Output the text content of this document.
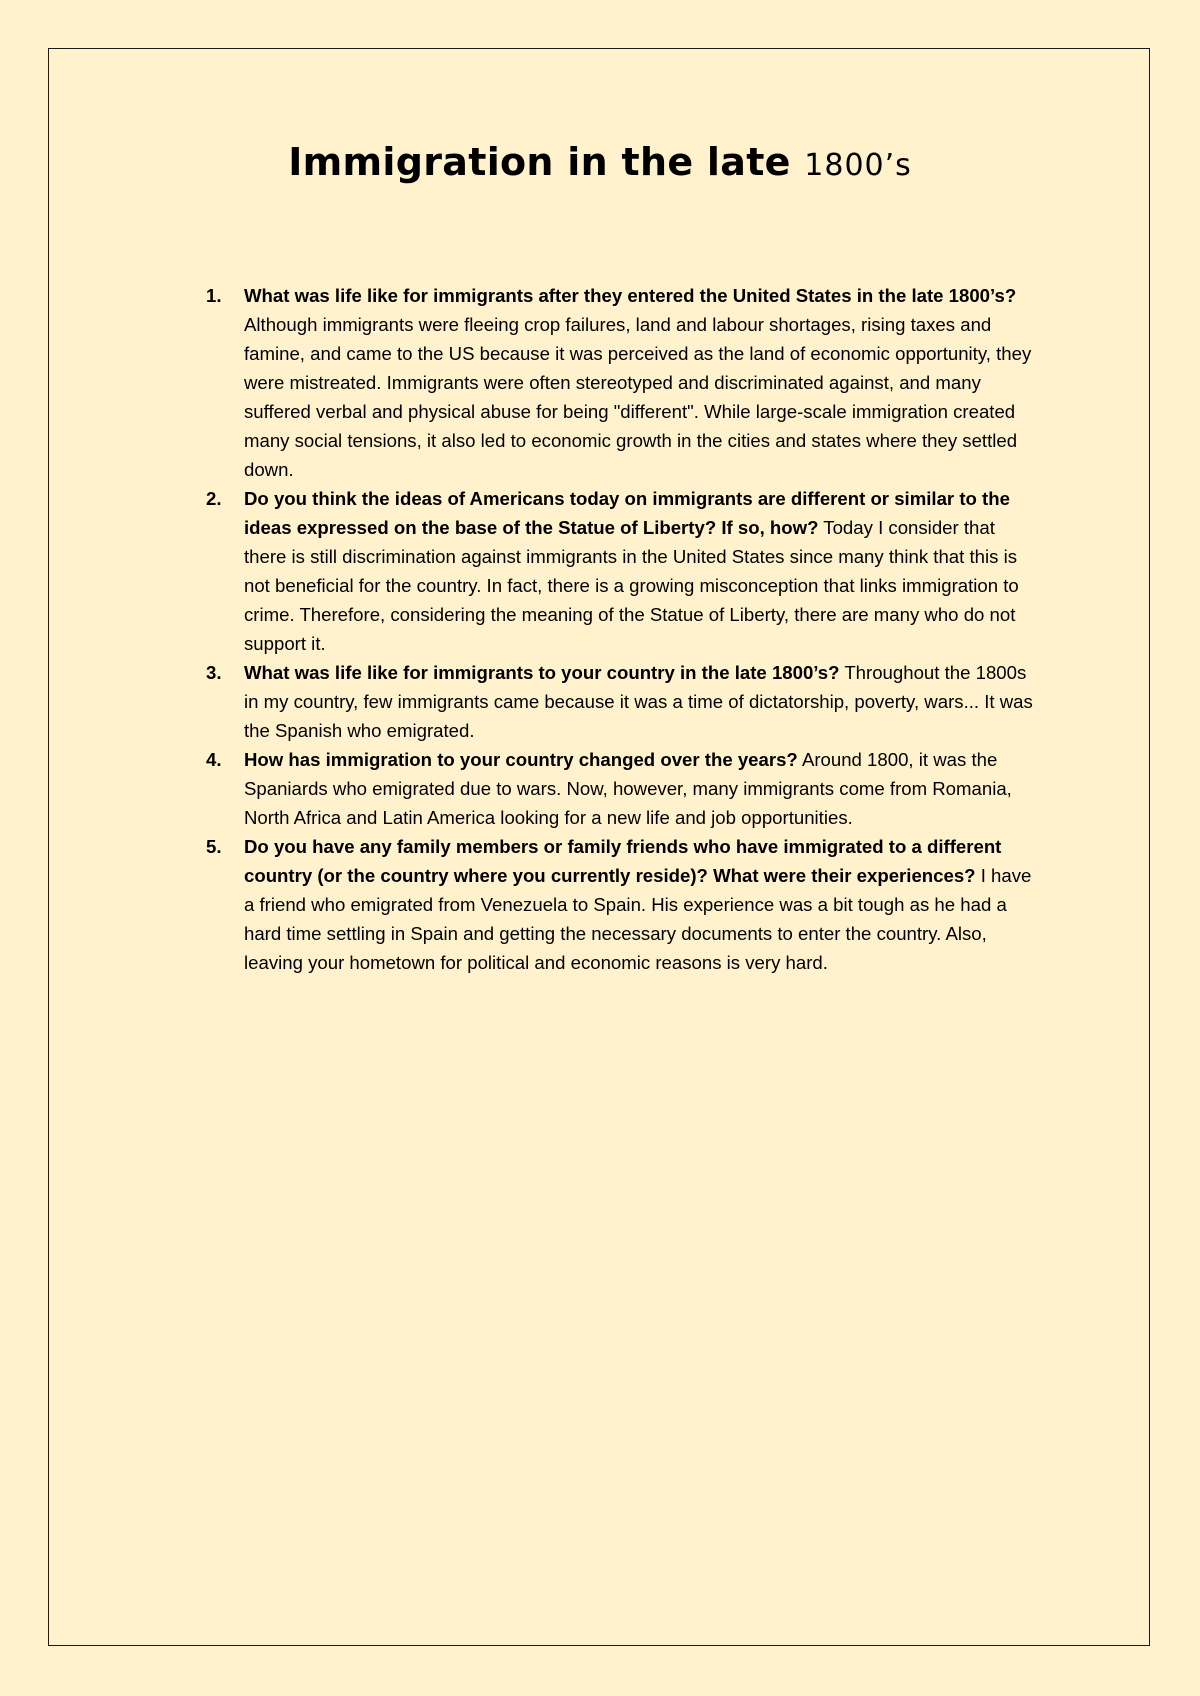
Immigration in the late 1800’s
1. What was life like for immigrants after they entered the United States in the late 1800’s? Although immigrants were fleeing crop failures, land and labour shortages, rising taxes and famine, and came to the US because it was perceived as the land of economic opportunity, they were mistreated. Immigrants were often stereotyped and discriminated against, and many suffered verbal and physical abuse for being "different". While large-scale immigration created many social tensions, it also led to economic growth in the cities and states where they settled down.
2. Do you think the ideas of Americans today on immigrants are different or similar to the ideas expressed on the base of the Statue of Liberty? If so, how? Today I consider that there is still discrimination against immigrants in the United States since many think that this is not beneficial for the country. In fact, there is a growing misconception that links immigration to crime. Therefore, considering the meaning of the Statue of Liberty, there are many who do not support it.
3. What was life like for immigrants to your country in the late 1800’s? Throughout the 1800s in my country, few immigrants came because it was a time of dictatorship, poverty, wars... It was the Spanish who emigrated.
4. How has immigration to your country changed over the years? Around 1800, it was the Spaniards who emigrated due to wars. Now, however, many immigrants come from Romania, North Africa and Latin America looking for a new life and job opportunities.
5. Do you have any family members or family friends who have immigrated to a different country (or the country where you currently reside)? What were their experiences? I have a friend who emigrated from Venezuela to Spain. His experience was a bit tough as he had a hard time settling in Spain and getting the necessary documents to enter the country. Also, leaving your hometown for political and economic reasons is very hard.
